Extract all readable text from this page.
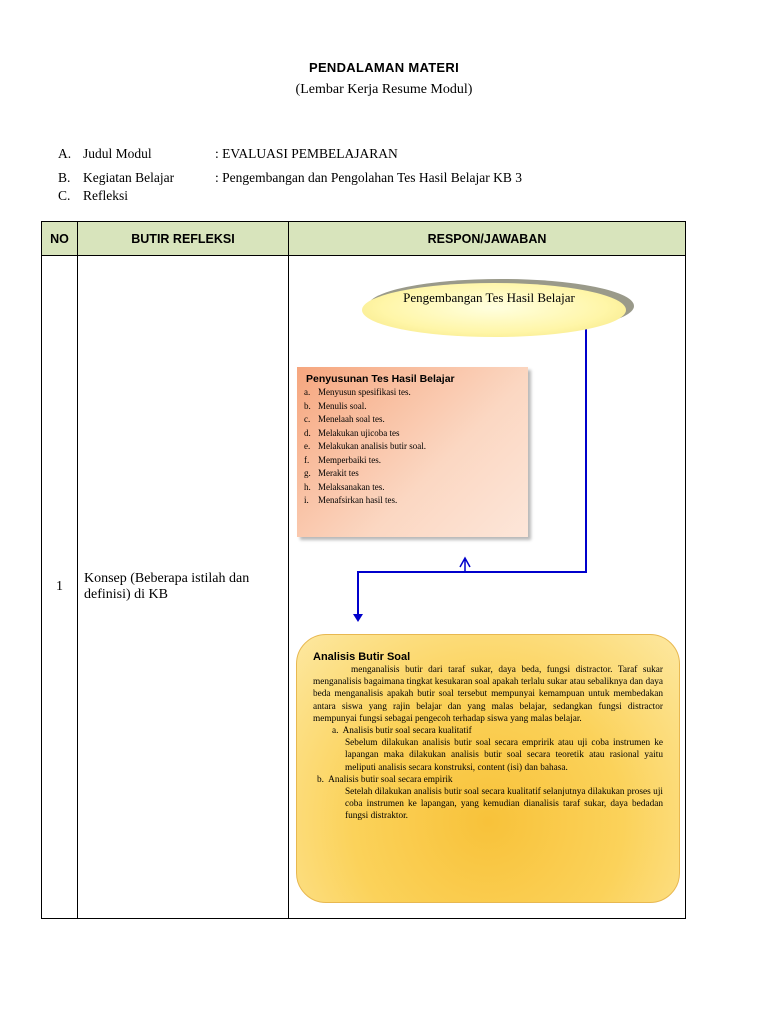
PENDALAMAN MATERI
(Lembar Kerja Resume Modul)
A. Judul Modul	: EVALUASI PEMBELAJARAN
B. Kegiatan Belajar	: Pengembangan dan Pengolahan Tes Hasil Belajar KB 3
C. Refleksi
NO	BUTIR REFLEKSI	RESPON/JAWABAN
1	Konsep (Beberapa istilah dan definisi) di KB	
Pengembangan Tes Hasil Belajar
Penyusunan Tes Hasil Belajar
a. Menyusun spesifikasi tes.
b. Menulis soal.
c. Menelaah soal tes.
d. Melakukan ujicoba tes
e. Melakukan analisis butir soal.
f. Memperbaiki tes.
g. Merakit tes
h. Melaksanakan tes.
i. Menafsirkan hasil tes.
Analisis Butir Soal

menganalisis butir dari taraf sukar, daya beda, fungsi distractor. Taraf sukar menganalisis bagaimana tingkat kesukaran soal apakah terlalu sukar atau sebaliknya dan daya beda menganalisis apakah butir soal tersebut mempunyai kemampuan untuk membedakan antara siswa yang rajin belajar dan yang malas belajar, sedangkan fungsi distractor mempunyai fungsi sebagai pengecoh terhadap siswa yang malas belajar.

a. Analisis butir soal secara kualitatif

Sebelum dilakukan analisis butir soal secara empririk atau uji coba instrumen ke lapangan maka dilakukan analisis butir soal secara teoretik atau rasional yaitu meliputi analisis secara konstruksi, content (isi) dan bahasa.

b. Analisis butir soal secara empirik

Setelah dilakukan analisis butir soal secara kualitatif selanjutnya dilakukan proses uji coba instrumen ke lapangan, yang kemudian dianalisis taraf sukar, daya bedadan fungsi distraktor.
